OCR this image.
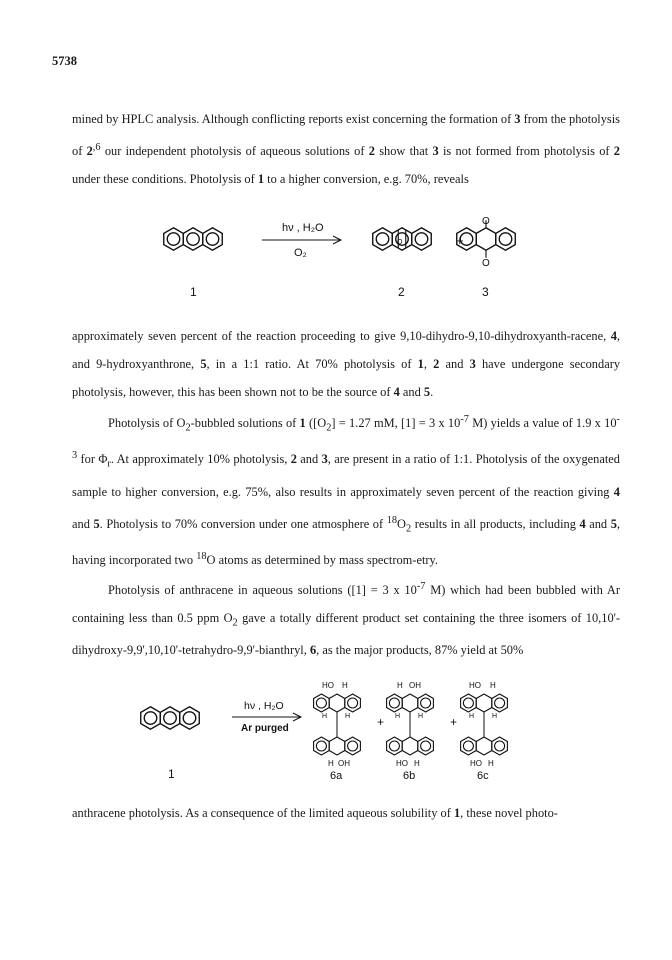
5738

mined by HPLC analysis. Although conflicting reports exist concerning the formation of 3 from the photolysis of $2^{,6}$ our independent photolysis of aqueous solutions of 2 show that 3 is not formed from photolysis of 2 under these conditions. Photolysis of 1 to a higher conversion, e.g. 70%, reveals

1
hν , H₂O
O₂
O
2
+
O
O
3

approximately seven percent of the reaction proceeding to give 9,10-dihydro-9,10-dihydroxyanth-racene, 4, and 9-hydroxyanthrone, 5, in a 1:1 ratio. At 70% photolysis of 1, 2 and 3 have undergone secondary photolysis, however, this has been shown not to be the source of 4 and 5.

Photolysis of $O_2$-bubbled solutions of 1 ($[O_2] = 1.27$ mM, [1] = 3 x $10^{-7}$ M) yields a value of 1.9 x $10^{-3}$ for $\Phi_r$. At approximately 10% photolysis, 2 and 3, are present in a ratio of 1:1. Photolysis of the oxygenated sample to higher conversion, e.g. 75%, also results in approximately seven percent of the reaction giving 4 and 5. Photolysis to 70% conversion under one atmosphere of $^{18}O_2$ results in all products, including 4 and 5, having incorporated two $^{18}$O atoms as determined by mass spectrom-etry.

Photolysis of anthracene in aqueous solutions ([1] = 3 x $10^{-7}$ M) which had been bubbled with Ar containing less than 0.5 ppm $O_2$ gave a totally different product set containing the three isomers of 10,10'-dihydroxy-9,9',10,10'-tetrahydro-9,9'-bianthryl, 6, as the major products, 87% yield at 50%

1
hν , H₂O
Ar purged
HO H
H	H
H OH
6a
+
H OH
H	H
HO H
6b
+
HO H
H	H
HO H
6c

anthracene photolysis. As a consequence of the limited aqueous solubility of 1, these novel photo-
